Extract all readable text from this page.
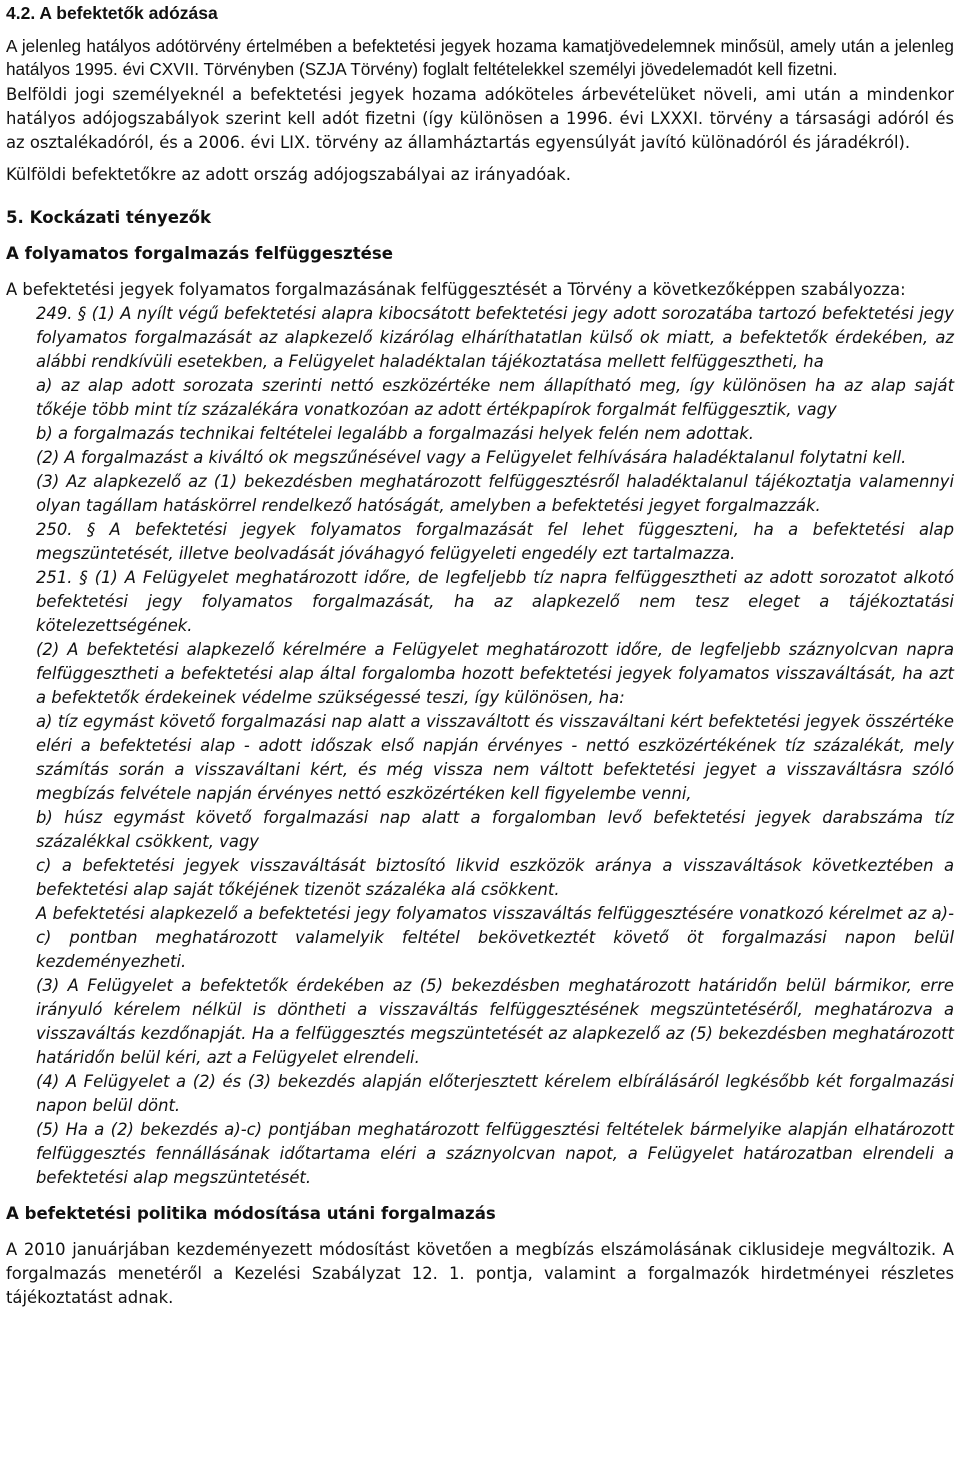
4.2. A befektetők adózása

A jelenleg hatályos adótörvény értelmében a befektetési jegyek hozama kamatjövedelemnek minősül, amely után a jelenleg hatályos 1995. évi CXVII. Törvényben (SZJA Törvény) foglalt feltételekkel személyi jövedelemadót kell fizetni.

Belföldi jogi személyeknél a befektetési jegyek hozama adóköteles árbevételüket növeli, ami után a mindenkor hatályos adójogszabályok szerint kell adót fizetni (így különösen a 1996. évi LXXXI. törvény a társasági adóról és az osztalékadóról, és a 2006. évi LIX. törvény az államháztartás egyensúlyát javító különadóról és járadékról).

Külföldi befektetőkre az adott ország adójogszabályai az irányadóak.

5. Kockázati tényezők
A folyamatos forgalmazás felfüggesztése

A befektetési jegyek folyamatos forgalmazásának felfüggesztését a Törvény a következőképpen szabályozza:

249. § (1) A nyílt végű befektetési alapra kibocsátott befektetési jegy adott sorozatába tartozó befektetési jegy folyamatos forgalmazását az alapkezelő kizárólag elháríthatatlan külső ok miatt, a befektetők érdekében, az alábbi rendkívüli esetekben, a Felügyelet haladéktalan tájékoztatása mellett felfüggesztheti, ha

a) az alap adott sorozata szerinti nettó eszközértéke nem állapítható meg, így különösen ha az alap saját tőkéje több mint tíz százalékára vonatkozóan az adott értékpapírok forgalmát felfüggesztik, vagy

b) a forgalmazás technikai feltételei legalább a forgalmazási helyek felén nem adottak.

(2) A forgalmazást a kiváltó ok megszűnésével vagy a Felügyelet felhívására haladéktalanul folytatni kell.

(3) Az alapkezelő az (1) bekezdésben meghatározott felfüggesztésről haladéktalanul tájékoztatja valamennyi olyan tagállam hatáskörrel rendelkező hatóságát, amelyben a befektetési jegyet forgalmazzák.

250. § A befektetési jegyek folyamatos forgalmazását fel lehet függeszteni, ha a befektetési alap megszüntetését, illetve beolvadását jóváhagyó felügyeleti engedély ezt tartalmazza.

251. § (1) A Felügyelet meghatározott időre, de legfeljebb tíz napra felfüggesztheti az adott sorozatot alkotó befektetési jegy folyamatos forgalmazását, ha az alapkezelő nem tesz eleget a tájékoztatási kötelezettségének.

(2) A befektetési alapkezelő kérelmére a Felügyelet meghatározott időre, de legfeljebb száznyolcvan napra felfüggesztheti a befektetési alap által forgalomba hozott befektetési jegyek folyamatos visszaváltását, ha azt a befektetők érdekeinek védelme szükségessé teszi, így különösen, ha:

a) tíz egymást követő forgalmazási nap alatt a visszaváltott és visszaváltani kért befektetési jegyek összértéke eléri a befektetési alap - adott időszak első napján érvényes - nettó eszközértékének tíz százalékát, mely számítás során a visszaváltani kért, és még vissza nem váltott befektetési jegyet a visszaváltásra szóló megbízás felvétele napján érvényes nettó eszközértéken kell figyelembe venni,

b) húsz egymást követő forgalmazási nap alatt a forgalomban levő befektetési jegyek darabszáma tíz százalékkal csökkent, vagy

c) a befektetési jegyek visszaváltását biztosító likvid eszközök aránya a visszaváltások következtében a befektetési alap saját tőkéjének tizenöt százaléka alá csökkent.

A befektetési alapkezelő a befektetési jegy folyamatos visszaváltás felfüggesztésére vonatkozó kérelmet az a)-c) pontban meghatározott valamelyik feltétel bekövetkeztét követő öt forgalmazási napon belül kezdeményezheti.

(3) A Felügyelet a befektetők érdekében az (5) bekezdésben meghatározott határidőn belül bármikor, erre irányuló kérelem nélkül is döntheti a visszaváltás felfüggesztésének megszüntetéséről, meghatározva a visszaváltás kezdőnapját. Ha a felfüggesztés megszüntetését az alapkezelő az (5) bekezdésben meghatározott határidőn belül kéri, azt a Felügyelet elrendeli.

(4) A Felügyelet a (2) és (3) bekezdés alapján előterjesztett kérelem elbírálásáról legkésőbb két forgalmazási napon belül dönt.

(5) Ha a (2) bekezdés a)-c) pontjában meghatározott felfüggesztési feltételek bármelyike alapján elhatározott felfüggesztés fennállásának időtartama eléri a száznyolcvan napot, a Felügyelet határozatban elrendeli a befektetési alap megszüntetését.

A befektetési politika módosítása utáni forgalmazás

A 2010 januárjában kezdeményezett módosítást követően a megbízás elszámolásának ciklusideje megváltozik. A forgalmazás menetéről a Kezelési Szabályzat 12. 1. pontja, valamint a forgalmazók hirdetményei részletes tájékoztatást adnak.
